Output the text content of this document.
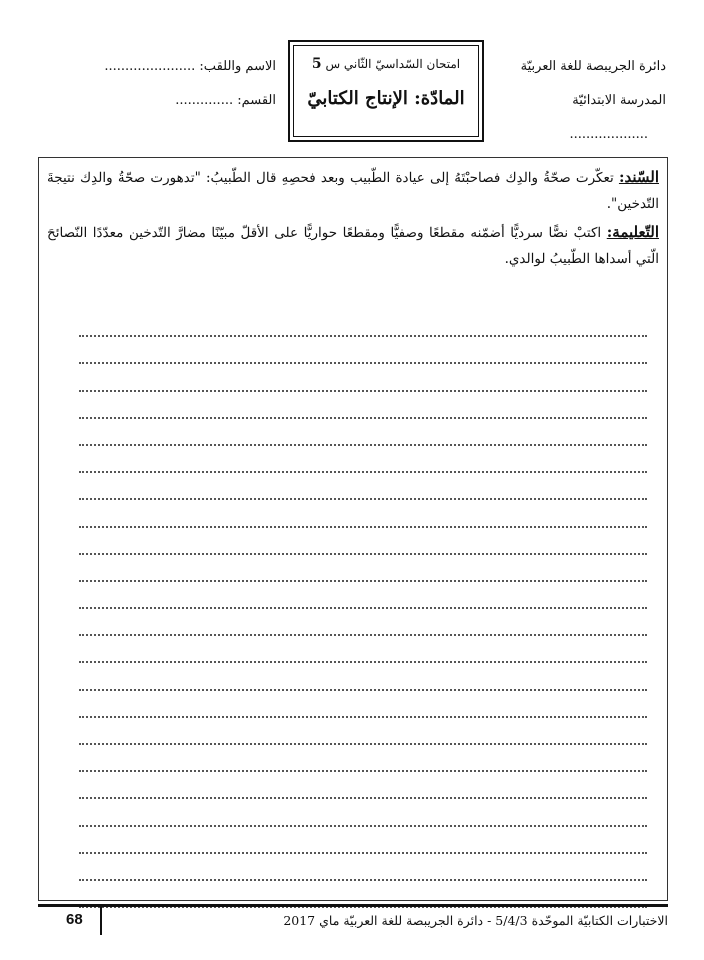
دائرة الجريبصة للغة العربيّة
المدرسة الابتدائيّة
...................
امتحان السّداسيّ الثّاني س 5
المادّة: الإنتاج الكتابيّ
الاسم واللقب: ......................
القسم: ..............

السّند: تعكّرت صحّةُ والدِك فصاحبْتَهُ إلى عيادة الطّبيب وبعد فحصِهِ قال الطّبيبُ: "تدهورت صحّةُ والدِك نتيجةَ التّدخين".

التّعليمة: اكتبْ نصًّا سرديًّا أضمّنه مقطعًا وصفيًّا ومقطعًا حواريًّا على الأقلّ مبيّنًا مضارَّ التّدخين معدّدًا النّصائحَ الّتي أسداها الطّبيبُ لوالدي.

68	الاختبارات الكتابيّة الموحّدة 5/4/3 - دائرة الجريبصة للغة العربيّة ماي 2017
